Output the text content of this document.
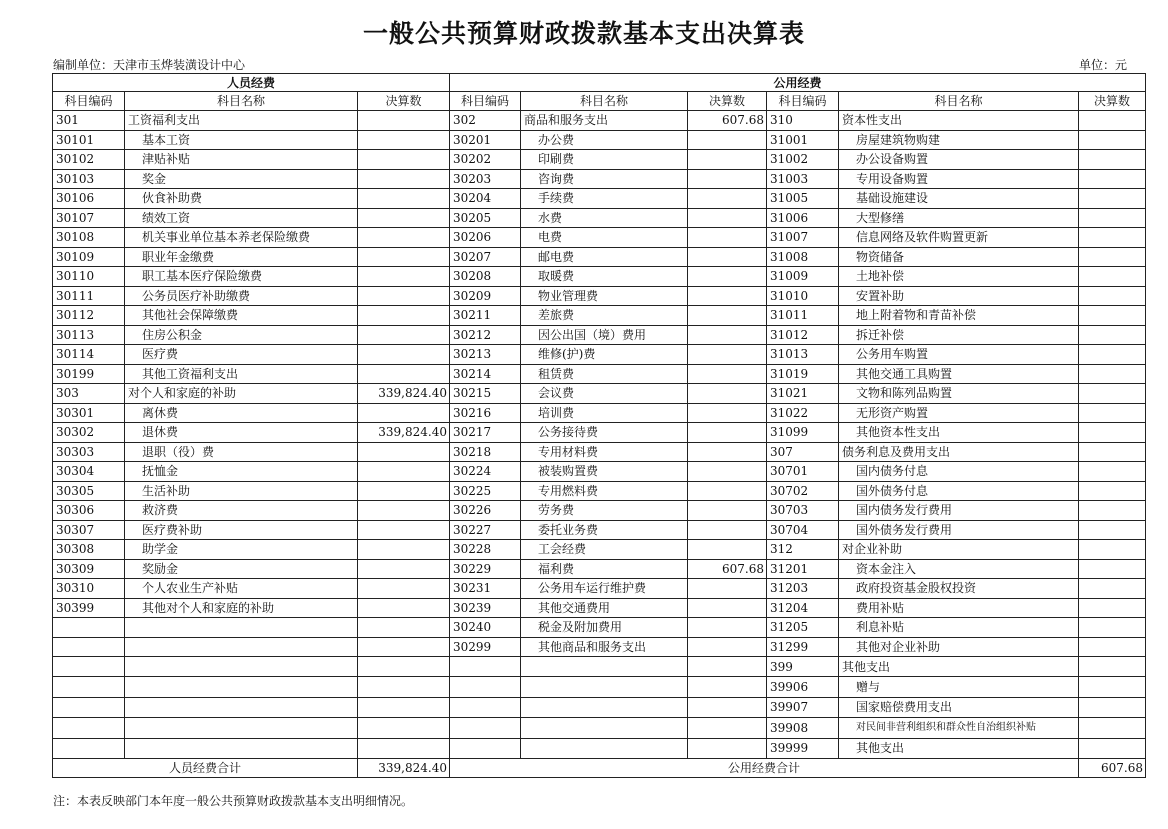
一般公共预算财政拨款基本支出决算表
编制单位：天津市玉烨装潢设计中心	单位：元
人员经费			公用经费					
科目编码	科目名称	决算数	科目编码	科目名称	决算数	科目编码	科目名称	决算数
301	工资福利支出		302	商品和服务支出	607.68	310	资本性支出	
30101	基本工资		30201	办公费		31001	房屋建筑物购建	
30102	津贴补贴		30202	印刷费		31002	办公设备购置	
30103	奖金		30203	咨询费		31003	专用设备购置	
30106	伙食补助费		30204	手续费		31005	基础设施建设	
30107	绩效工资		30205	水费		31006	大型修缮	
30108	机关事业单位基本养老保险缴费		30206	电费		31007	信息网络及软件购置更新	
30109	职业年金缴费		30207	邮电费		31008	物资储备	
30110	职工基本医疗保险缴费		30208	取暖费		31009	土地补偿	
30111	公务员医疗补助缴费		30209	物业管理费		31010	安置补助	
30112	其他社会保障缴费		30211	差旅费		31011	地上附着物和青苗补偿	
30113	住房公积金		30212	因公出国（境）费用		31012	拆迁补偿	
30114	医疗费		30213	维修(护)费		31013	公务用车购置	
30199	其他工资福利支出		30214	租赁费		31019	其他交通工具购置	
303	对个人和家庭的补助	339,824.40	30215	会议费		31021	文物和陈列品购置	
30301	离休费		30216	培训费		31022	无形资产购置	
30302	退休费	339,824.40	30217	公务接待费		31099	其他资本性支出	
30303	退职（役）费		30218	专用材料费		307	债务利息及费用支出	
30304	抚恤金		30224	被装购置费		30701	国内债务付息	
30305	生活补助		30225	专用燃料费		30702	国外债务付息	
30306	救济费		30226	劳务费		30703	国内债务发行费用	
30307	医疗费补助		30227	委托业务费		30704	国外债务发行费用	
30308	助学金		30228	工会经费		312	对企业补助	
30309	奖励金		30229	福利费	607.68	31201	资本金注入	
30310	个人农业生产补贴		30231	公务用车运行维护费		31203	政府投资基金股权投资	
30399	其他对个人和家庭的补助		30239	其他交通费用		31204	费用补贴	
			30240	税金及附加费用		31205	利息补贴	
			30299	其他商品和服务支出		31299	其他对企业补助	
						399	其他支出	
						39906	赠与	
						39907	国家赔偿费用支出	
						39908	对民间非营利组织和群众性自治组织补贴	
						39999	其他支出	
人员经费合计		339,824.40	公用经费合计					607.68
注：本表反映部门本年度一般公共预算财政拨款基本支出明细情况。
